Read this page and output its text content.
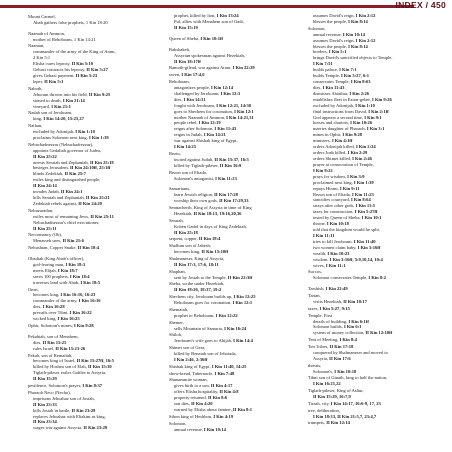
INDEX / 450

Mount Carmel,

Ahab gathers false prophets, 1 Kin 18:20

Naamah of Ammon,

mother of Rehoboam, 1 Kin 14:21

Naaman,

commander of the army of the King of Aram,

2 Kin 5:1

Elisha cures leprosy, II Kin 5:10

Gehazi contracts his leprosy, II Kin 5:27

gives Gehazi payment, II Kin 5:23

leper, II Kin 5:1

Naboth,

Jehoram thrown into his field, II Kin 9:25

stoned to death, I Kin 21:14

vineyard, I Kin 21:1

Nadab son of Jeroboam,

king, I Kin 14:20, 15:25,27

Nathan,

excluded by Adonijah, I Kin 1:10

proclaims Solomon next king, I Kin 1:39

Nebuchadnezzar (Nebuchadrezzar),

appoints Gedaliah governor of Judea,

II Kin 25:22

arrests Seraiah and Zephaniah, II Kin 25:18

besieges Jerusalem, II Kin 24:10ff, 25:1ff

blinds Zedekiah, II Kin 25:7

exiles king and distinguished people,

II Kin 24:14

invades Judah, II Kin 24:1

kills Seraiah and Zephaniah, II Kin 25:21

Zedekiah rebels against, II Kin 24:20

Nebuzaradan,

exiles most of remaining Jews, II Kin 25:11

Nebuchadnezzar's chief executioner,

II Kin 25:11

Necromancy (Ob),

Menasseh uses, II Kin 21:6

Nehushtan, Copper Snake, II Kin 18:4

Obadiah (King Ahab's officer),

god-fearing man, I Kin 18:3

meets Elijah, I Kin 18:7

saves 100 prophets, I Kin 18:4

traverses land with Ahab, I Kin 18:5

Omri,

becomes king, I Kin 16:16, 16:23

commander of the army, I Kin 16:16

dies, I Kin 16:28

prevails over Tibni, I Kin 16:22

wicked king, I Kin 16:25

Ophir, Solomon's mines, I Kin 9:28

Pekahiah, son of Menahem,

dies, II Kin 15:25

rules Israel, II Kin 15:23-26

Pekah, son of Remaliah,

becomes king of Israel, II Kin 15:27ff, 16:5

killed by Hoshea son of Elah, II Kin 15:30

Tiglath-pileser exiles Galilee to Assyria,

II Kin 15:29

pestilence, Solomon's prayer, I Kin 8:37

Pharaoh Neco (Necho),

imprisons Jehoahaz son of Josiah,

II Kin 23:33

kills Josiah in battle, II Kin 23:29

replaces Jehoahaz with Eliakim as king,

II Kin 23:34

wages war against Assyria, II Kin 23:29

prophet, killed by lion, I Kin 13:24

Pul, allies with Menahem son of Gadi,

II Kin 15:19

Queen of Sheba, I Kin 10:1ff

Rabshakeh,

Assyrian spokesman against Hezekiah,

II Kin 18:17ff

Ramoth-gilead, war against Aram, I Kin 22:29

raven, I Kin 17:4,6

Rehoboam,

antagonizes people, I Kin 12:14

challenged by Jeroboam, I Kin 12:3

dies, I Kin 14:31

fought with Jeroboam, I Kin 12:21, 14:30

goes to Shechem for coronation, I Kin 12:1

mother Naamah of Ammon, I Kin 14:21,31

people rebel, I Kin 12:19

reigns after Solomon, I Kin 11:43

reigns in Judah, I Kin 14:21

war against Shishak king of Egypt,

I Kin 14:25

Rezin,

incited against Judah, II Kin 15:37, 16:5

killed by Tiglath-pileser, II Kin 16:9

Rezon son of Eliada,

Solomon's antagonist, I Kin 11:23

Samaritans,

learn Jewish religion, II Kin 17:28

worship their own gods, II Kin 17:29,33

Sennacherib, King of Assyria in time of King

Hezekiah, II Kin 18:13, 19:16,20,36

Seraiah,

Kohen Gadol in days of King Zedekiah,

II Kin 25:18

serpent, copper, II Kin 18:4

Shallum son of Jabesh,

becomes king, II Kin 15:10ff

Shalmaneser, King of Assyria,

II Kin 17:3, 17:6, 18:11

Shaphan,

sent by Josiah to the Temple, II Kin 22:3ff

Sheba, scribe under Hezekiah,

II Kin 18:26, 18:37, 19:2

Shechem city, Jeroboam builds up, I Kin 12:25

Rehoboam goes for coronation, I Kin 12:1

Shemaiah,

prophet to Rehoboam, I Kin 12:22

Shemer,

sells Mountain of Samaria, I Kin 16:24

Shiloh,

Jeroboam's wife goes to Ahijah, I Kin 14:4

Shimei son of Gera,

killed by Benaiah son of Jehoiada,

I Kin 2:46, 2:36ff

Shishak king of Egypt, I Kin 11:40, 14:25

show-bread, Tabernacle, I Kin 7:48

Shunammite woman,

gives birth to a son, II Kin 4:17

offers Elisha hospitality, II Kin 4:8

property returned, II Kin 8:6

son dies, II Kin 4:20

warned by Elisha about famine, II Kin 8:1

Sihon king of Heshbon, I Kin 4:19

Solomon,

annual revenue, I Kin 10:14

assumes David's reign, I Kin 2:12

blesses the people, I Kin 8:14

Solomon,

annual revenue, I Kin 10:14

assumes David's reign, I Kin 2:12

blesses the people, I Kin 8:14

borders, I Kin 5:1

brings David's sanctified objects to Temple,

I Kin 7:51

builds palace, I Kin 7:1

builds Temple, I Kin 5:27, 6:1

consecrates Temple, I Kin 8:63

dies, I Kin 11:43

dismisses Abiathar, I Kin 2:26

establishes fleet in Ezion-geber, I Kin 9:26

excluded by Adonijah, I Kin 1:10

final instructions from David, I Kin 2:1ff

God appears a second time, I Kin 9:1

horses and chariots, I Kin 10:26

marries daughter of Pharaoh, I Kin 3:1

mines in Ophir, I Kin 9:28

ministers, I Kin 4:1ff

orders Adonijah killed, I Kin 2:24

orders Joab killed, I Kin 2:29

orders Shimei killed, I Kin 2:46

prayer at consecration of Temple,

I Kin 8:22

prays for wisdom, I Kin 3:9

proclaimed next king, I Kin 1:39

repays Hiram, I Kin 9:11

Rezon son of Eliada, I Kin 11:23

sanctifies courtyard, I Kin 8:64

strays after other gods, I Kin 11:5

taxes for construction, I Kin 5:27ff

tested by Queen of Sheba, I Kin 10:1

throne, I Kin 10:18

told that the kingdom would be split,

I Kin 11:11

tries to kill Jeroboam, I Kin 11:40

two women claim baby, I Kin 3:16ff

wealth, I Kin 10:23

wisdom, I Kin 3:16ff, 5:9,10,14, 10:4

wives, I Kin 11:1

Succos,

Solomon consecrates Temple, I Kin 8:2

Tarshish, I Kin 22:49

Tartan,

visits Hezekiah, II Kin 18:17

taxes, I Kin 5:27, 9:15

Temple, First

details of building, I Kin 6:1ff

Solomon builds, I Kin 6:1

system of money collection, II Kin 12:10ff

Tent of Meeting, I Kin 8:4

Ten Tribes, II Kin 17:18

conquered by Shalmaneser and moved to

Assyria, II Kin 17:6

threats,

Solomon's, I Kin 10:18

Tibni son of Ginath, king to half the nation,

I Kin 16:21,22

Tiglath-pileser, King of Ashur,

II Kin 15:29, 16:7,9

Tirzah, city, I Kin 14:17, 16:6-9, 17, 23

tree, deliberation,

I Kin 18:33, II Kin 21:5,7, 23:4,7

trumpets, II Kin 12:14
